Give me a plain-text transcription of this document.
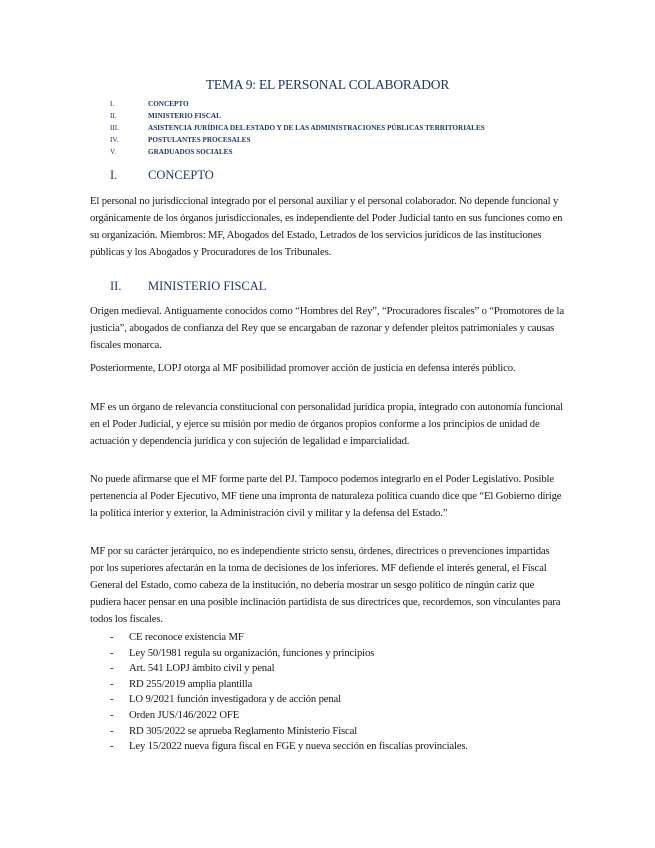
TEMA 9: EL PERSONAL COLABORADOR
I.	CONCEPTO
II.	MINISTERIO FISCAL
III.	ASISTENCIA JURÍDICA DEL ESTADO Y DE LAS ADMINISTRACIONES PÚBLICAS TERRITORIALES
IV.	POSTULANTES PROCESALES
V.	GRADUADOS SOCIALES
I. CONCEPTO

El personal no jurisdiccional integrado por el personal auxiliar y el personal colaborador. No depende funcional y orgánicamente de los órganos jurisdiccionales, es independiente del Poder Judicial tanto en sus funciones como en su organización. Miembros: MF, Abogados del Estado, Letrados de los servicios jurídicos de las instituciones públicas y los Abogados y Procuradores de los Tribunales.

II. MINISTERIO FISCAL

Origen medieval. Antiguamente conocidos como “Hombres del Rey”, “Procuradores fiscales” o “Promotores de la justicia”, abogados de confianza del Rey que se encargaban de razonar y defender pleitos patrimoniales y causas fiscales monarca.

Posteriormente, LOPJ otorga al MF posibilidad promover acción de justicia en defensa interés público.

MF es un órgano de relevancia constitucional con personalidad jurídica propia, integrado con autonomía funcional en el Poder Judicial, y ejerce su misión por medio de órganos propios conforme a los principios de unidad de actuación y dependencia jurídica y con sujeción de legalidad e imparcialidad.

No puede afirmarse que el MF forme parte del PJ. Tampoco podemos integrarlo en el Poder Legislativo. Posible pertenencia al Poder Ejecutivo, MF tiene una impronta de naturaleza política cuando dice que “El Gobierno dirige la política interior y exterior, la Administración civil y militar y la defensa del Estado.”

MF por su carácter jerárquico, no es independiente stricto sensu, órdenes, directrices o prevenciones impartidas por los superiores afectarán en la toma de decisiones de los inferiores. MF defiende el interés general, el Fiscal General del Estado, como cabeza de la institución, no debería mostrar un sesgo político de ningún cariz que pudiera hacer pensar en una posible inclinación partidista de sus directrices que, recordemos, son vinculantes para todos los fiscales.

- CE reconoce existencia MF
- Ley 50/1981 regula su organización, funciones y principios
- Art. 541 LOPJ ámbito civil y penal
- RD 255/2019 amplia plantilla
- LO 9/2021 función investigadora y de acción penal
- Orden JUS/146/2022 OFE
- RD 305/2022 se aprueba Reglamento Ministerio Fiscal
- Ley 15/2022 nueva figura fiscal en FGE y nueva sección en fiscalías provinciales.
